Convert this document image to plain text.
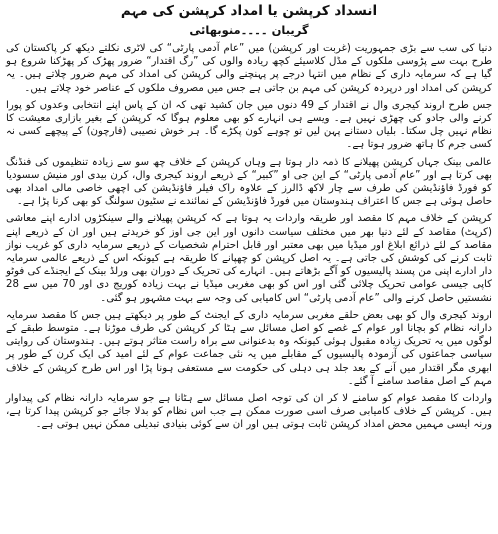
انسداد کرپشن یا امداد کرپشن کی مہم
گریبان ۔۔۔۔منوبھائی

دنیا کی سب سے بڑی جمہوریت (غربت اور کرپشن) میں ”عام آدمی پارٹی“ کی لاٹری نکلتے دیکھ کر پاکستان کی طرح بہت سے پڑوسی ملکوں کے مڈل کلاسیئے کچھ ریادہ والوں کی ”رگ اقتدار“ ضرور پھڑک کر پھڑکنا شروع ہو گیا ہے کہ سرمایہ داری کے نظام میں انتہا درجے پر پہنچنے والی کرپشن کی امداد کی مہم ضرور چلاتے ہیں۔ یہ کرپشن کی امداد اور درپردہ کرپشن کی مہم بن جاتی ہے جس میں مصروف ملکوں کے عناصر خود چلاتے ہیں۔

جس طرح اروند کیجری وال نے اقتدار کے 49 دنوں میں جان کشید تھی کہ ان کے پاس اپنے انتخابی وعدوں کو پورا کرنے والی جادو کی چھڑی نہیں ہے۔ ویسے ہی انہارے کو بھی معلوم ہوگا کہ کرپشن کے بغیر بازاری معیشت کا نظام نہیں چل سکتا۔ بلیاں دستانے پہن لیں تو چوہے کون پکڑے گا۔ ہر خوش نصیبی (فارچون) کے پیچھے کسی نہ کسی جرم کا ہاتھ ضرور ہوتا ہے۔

عالمی بینک جہاں کرپشن پھیلانے کا ذمہ دار ہوتا ہے وہاں کرپشن کے خلاف چھ سو سے زیادہ تنظیموں کی فنڈنگ بھی کرتا ہے اور ”عام آدمی پارٹی“ کے این جی او ”کبیر“ کے ذریعے اروند کیجری وال، کرن بیدی اور منیش سسودیا کو فورڈ فاؤنڈیشن کی طرف سے چار لاکھ ڈالرز کے علاوہ راک فیلر فاؤنڈیشن کی اچھی خاصی مالی امداد بھی حاصل ہوئی ہے جس کا اعتراف ہندوستان میں فورڈ فاؤنڈیشن کے نمائندے نے سٹیون سولنگ کو بھی کرنا پڑا ہے۔

کرپشن کے خلاف مہم کا مقصد اور طریقہ واردات یہ ہوتا ہے کہ کرپشن پھیلانے والے سینکڑوں ادارے اپنے معاشی (کرپٹ) مقاصد کے لئے دنیا بھر میں مختلف سیاست دانوں اور این جی اوز کو خریدتے ہیں اور ان کے ذریعے اپنے مقاصد کے لئے ذرائع ابلاغ اور میڈیا میں بھی معتبر اور قابل احترام شخصیات کے ذریعے سرمایہ داری کو غریب نواز ثابت کرنے کی کوشش کی جاتی ہے۔ یہ اصل کرپشن کو چھپانے کا طریقہ ہے کیونکہ اس کے ذریعے عالمی سرمایہ دار ادارے اپنی من پسند پالیسیوں کو آگے بڑھاتے ہیں۔ انہارے کی تحریک کے دوران بھی ورلڈ بینک کے ایجنڈے کی فوٹو کاپی جیسی عوامی تحریک چلائی گئی اور اس کو بھی مغربی میڈیا نے بہت زیادہ کوریج دی اور 70 میں سے 28 نشستیں حاصل کرنے والی ”عام آدمی پارٹی“ اس کامیابی کی وجہ سے بہت مشہور ہو گئی۔

اروند کیجری وال کو بھی بعض حلقے مغربی سرمایہ داری کے ایجنٹ کے طور پر دیکھتے ہیں جس کا مقصد سرمایہ دارانہ نظام کو بچانا اور عوام کے غصے کو اصل مسائل سے ہٹا کر کرپشن کی طرف موڑنا ہے۔ متوسط طبقے کے لوگوں میں یہ تحریک زیادہ مقبول ہوئی کیونکہ وہ بدعنوانی سے براہ راست متاثر ہوتے ہیں۔ ہندوستان کی روایتی سیاسی جماعتوں کی آزمودہ پالیسیوں کے مقابلے میں یہ نئی جماعت عوام کے لئے امید کی ایک کرن کے طور پر ابھری مگر اقتدار میں آنے کے بعد جلد ہی دہلی کی حکومت سے مستعفی ہونا پڑا اور اس طرح کرپشن کے خلاف مہم کے اصل مقاصد سامنے آ گئے۔

واردات کا مقصد عوام کو سامنے لا کر ان کی توجہ اصل مسائل سے ہٹانا ہے جو سرمایہ دارانہ نظام کی پیداوار ہیں۔ کرپشن کے خلاف کامیابی صرف اسی صورت ممکن ہے جب اس نظام کو بدلا جائے جو کرپشن پیدا کرتا ہے، ورنہ ایسی مہمیں محض امداد کرپشن ثابت ہوتی ہیں اور ان سے کوئی بنیادی تبدیلی ممکن نہیں ہوتی ہے۔
